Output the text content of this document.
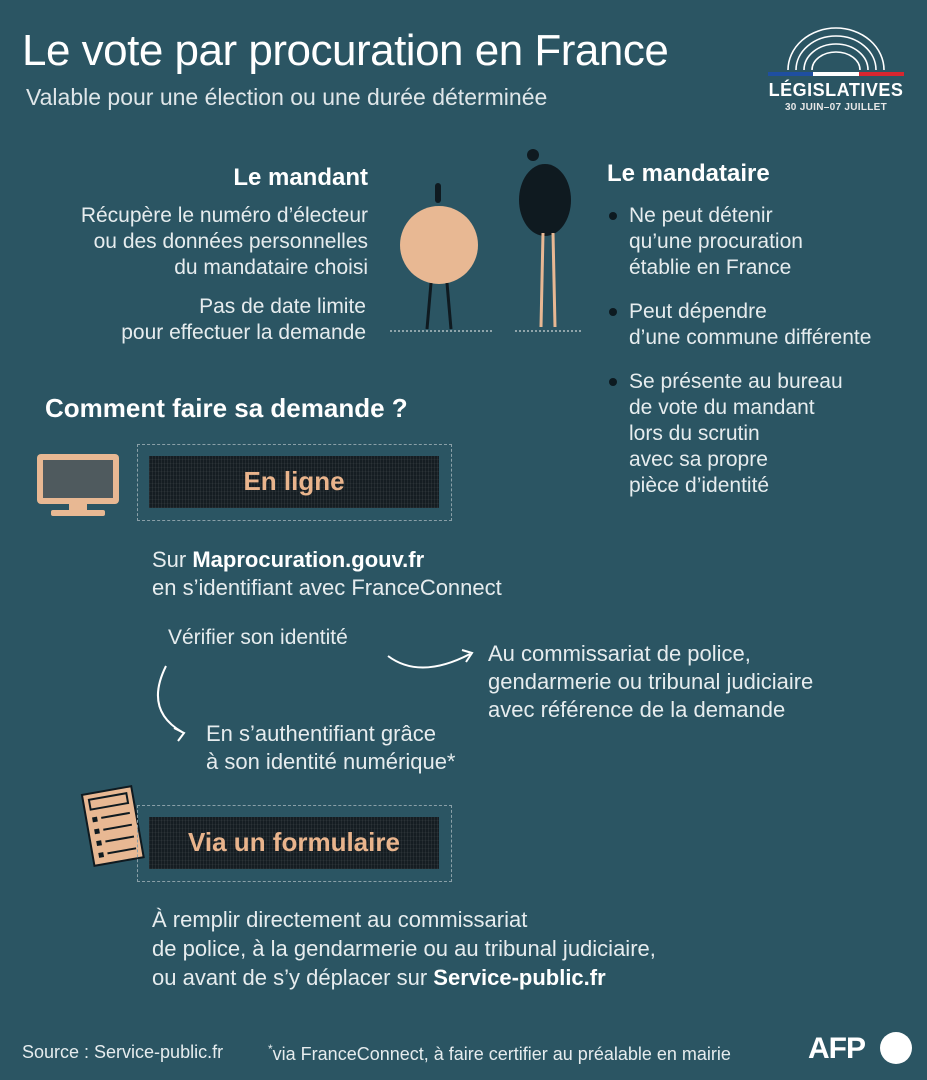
Le vote par procuration en France
Valable pour une élection ou une durée déterminée	LÉGISLATIVES
30 JUIN–07 JUILLET
Le mandant
Récupère le numéro d’électeur
ou des données personnelles
du mandataire choisi
Pas de date limite
pour effectuer la demande
Le mandataire
Ne peut détenir
qu’une procuration
établie en France
Peut dépendre
d’une commune différente
Se présente au bureau
de vote du mandant
lors du scrutin
avec sa propre
pièce d’identité
Comment faire sa demande ?
En ligne
Sur Maprocuration.gouv.fr
en s’identifiant avec FranceConnect
Vérifier son identité
Au commissariat de police,
gendarmerie ou tribunal judiciaire
avec référence de la demande
En s’authentifiant grâce
à son identité numérique*
Via un formulaire
À remplir directement au commissariat
de police, à la gendarmerie ou au tribunal judiciaire,
ou avant de s’y déplacer sur Service-public.fr
Source : Service-public.fr	*via FranceConnect, à faire certifier au préalable en mairie	AFP
